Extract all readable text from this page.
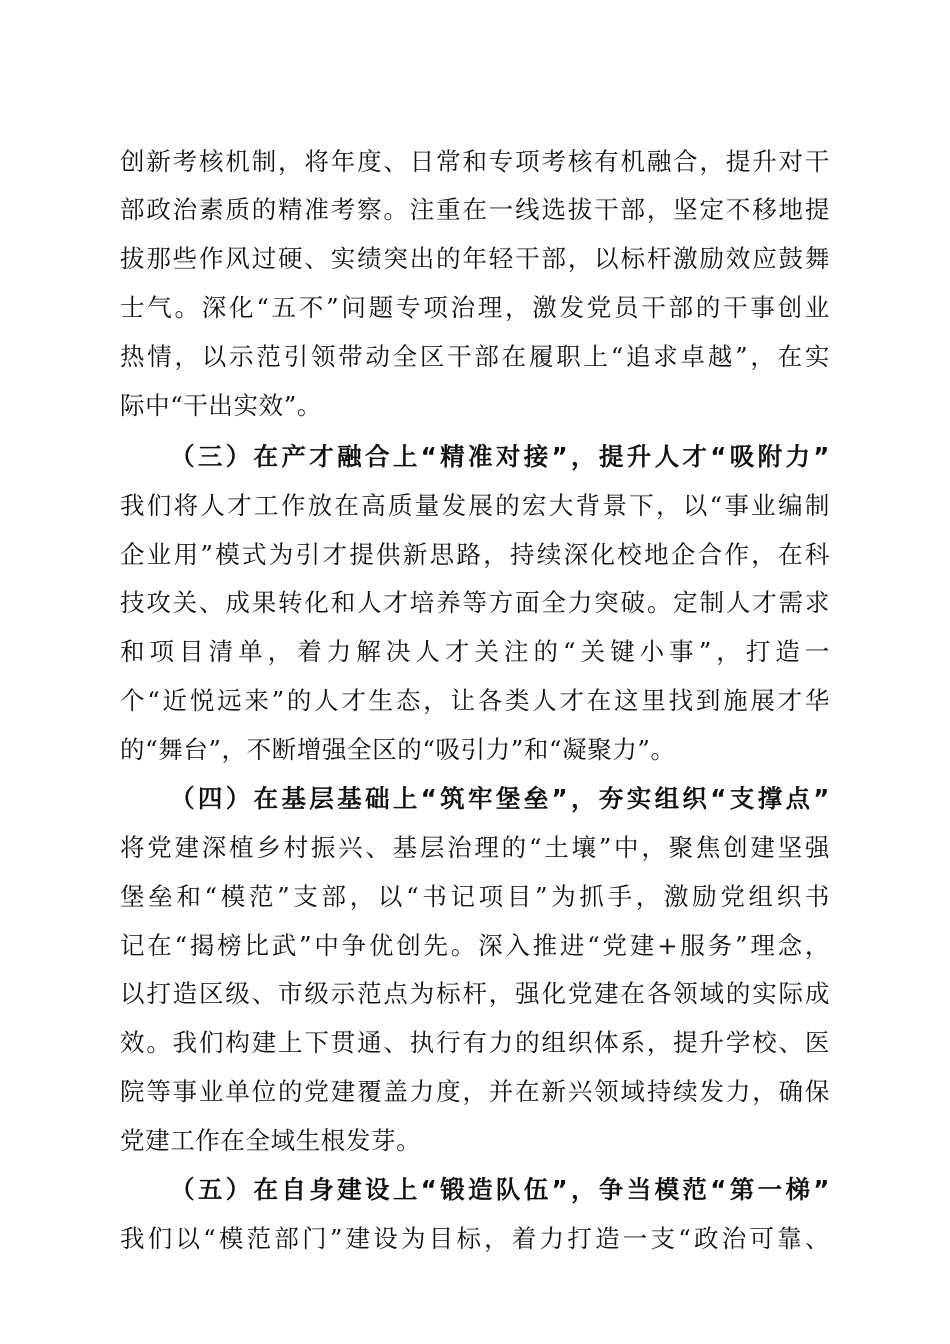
创新考核机制，将年度、日常和专项考核有机融合，提升对干
部政治素质的精准考察。注重在一线选拔干部，坚定不移地提
拔那些作风过硬、实绩突出的年轻干部，以标杆激励效应鼓舞
士气。深化“五不”问题专项治理，激发党员干部的干事创业
热情，以示范引领带动全区干部在履职上“追求卓越”，在实
际中“干出实效”。
（三）在产才融合上“精准对接”，提升人才“吸附力”
我们将人才工作放在高质量发展的宏大背景下，以“事业编制
企业用”模式为引才提供新思路，持续深化校地企合作，在科
技攻关、成果转化和人才培养等方面全力突破。定制人才需求
和项目清单，着力解决人才关注的“关键小事”，打造一
个“近悦远来”的人才生态，让各类人才在这里找到施展才华
的“舞台”，不断增强全区的“吸引力”和“凝聚力”。
（四）在基层基础上“筑牢堡垒”，夯实组织“支撑点”
将党建深植乡村振兴、基层治理的“土壤”中，聚焦创建坚强
堡垒和“模范”支部，以“书记项目”为抓手，激励党组织书
记在“揭榜比武”中争优创先。深入推进“党建+服务”理念，
以打造区级、市级示范点为标杆，强化党建在各领域的实际成
效。我们构建上下贯通、执行有力的组织体系，提升学校、医
院等事业单位的党建覆盖力度，并在新兴领域持续发力，确保
党建工作在全域生根发芽。
（五）在自身建设上“锻造队伍”，争当模范“第一梯”
我们以“模范部门”建设为目标，着力打造一支“政治可靠、
